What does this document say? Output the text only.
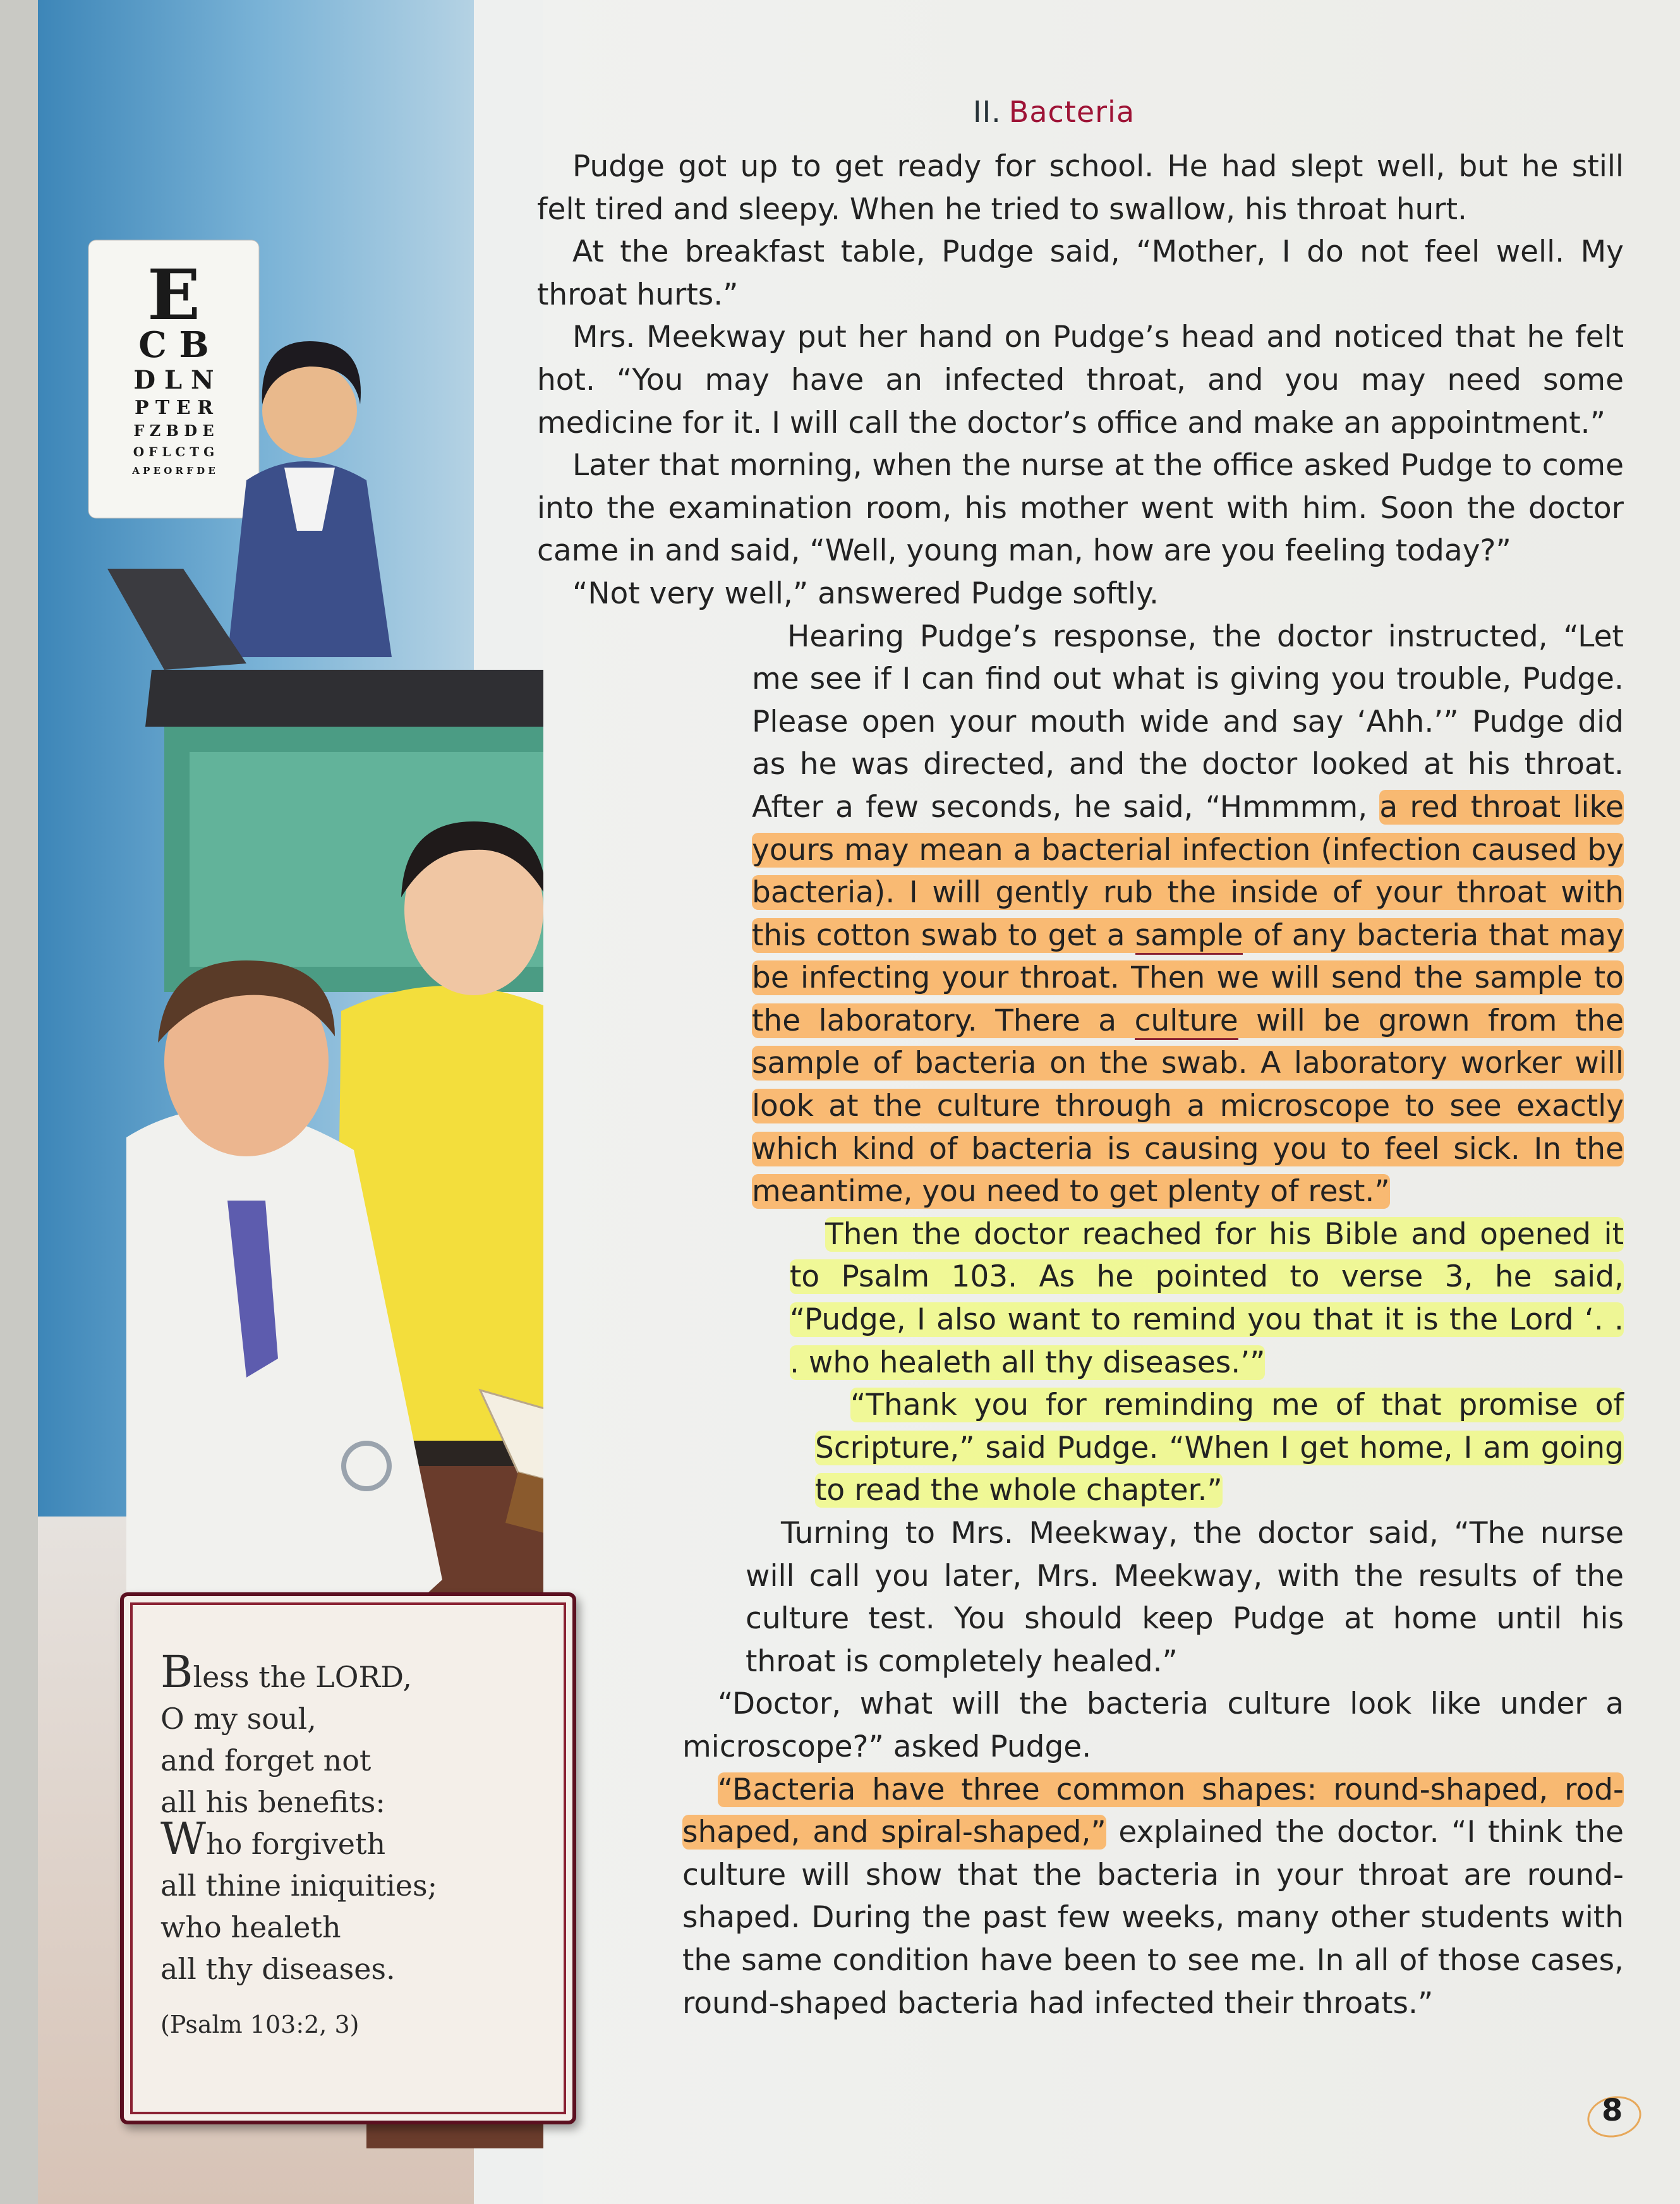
E
C B
D L N
P T E R
F Z B D E
O F L C T G
A P E O R F D E
II. Bacteria

Pudge got up to get ready for school. He had slept well, but he still felt tired and sleepy. When he tried to swallow, his throat hurt.

At the breakfast table, Pudge said, “Mother, I do not feel well. My throat hurts.”

Mrs. Meekway put her hand on Pudge’s head and noticed that he felt hot. “You may have an infected throat, and you may need some medicine for it. I will call the doctor’s office and make an appointment.”

Later that morning, when the nurse at the office asked Pudge to come into the examination room, his mother went with him. Soon the doctor came in and said, “Well, young man, how are you feeling today?”

“Not very well,” answered Pudge softly.

Hearing Pudge’s response, the doctor instructed, “Let me see if I can find out what is giving you trouble, Pudge. Please open your mouth wide and say ‘Ahh.’” Pudge did as he was directed, and the doctor looked at his throat. After a few seconds, he said, “Hmmmm, a red throat like yours may mean a bacterial infection (infection caused by bacteria). I will gently rub the inside of your throat with this cotton swab to get a sample of any bacteria that may be infecting your throat. Then we will send the sample to the laboratory. There a culture will be grown from the sample of bacteria on the swab. A laboratory worker will look at the culture through a microscope to see exactly which kind of bacteria is causing you to feel sick. In the meantime, you need to get plenty of rest.”

Then the doctor reached for his Bible and opened it to Psalm 103. As he pointed to verse 3, he said, “Pudge, I also want to remind you that it is the Lord ‘. . . who healeth all thy diseases.’”

“Thank you for reminding me of that promise of Scripture,” said Pudge. “When I get home, I am going to read the whole chapter.”

Turning to Mrs. Meekway, the doctor said, “The nurse will call you later, Mrs. Meekway, with the results of the culture test. You should keep Pudge at home until his throat is completely healed.”

“Doctor, what will the bacteria culture look like under a microscope?” asked Pudge.

“Bacteria have three common shapes: round-shaped, rod-shaped, and spiral-shaped,” explained the doctor. “I think the culture will show that the bacteria in your throat are round-shaped. During the past few weeks, many other students with the same condition have been to see me. In all of those cases, round-shaped bacteria had infected their throats.”

Bless the LORD,
O my soul,
and forget not
all his benefits:
Who forgiveth
all thine iniquities;
who healeth
all thy diseases.
(Psalm 103:2, 3)
8
